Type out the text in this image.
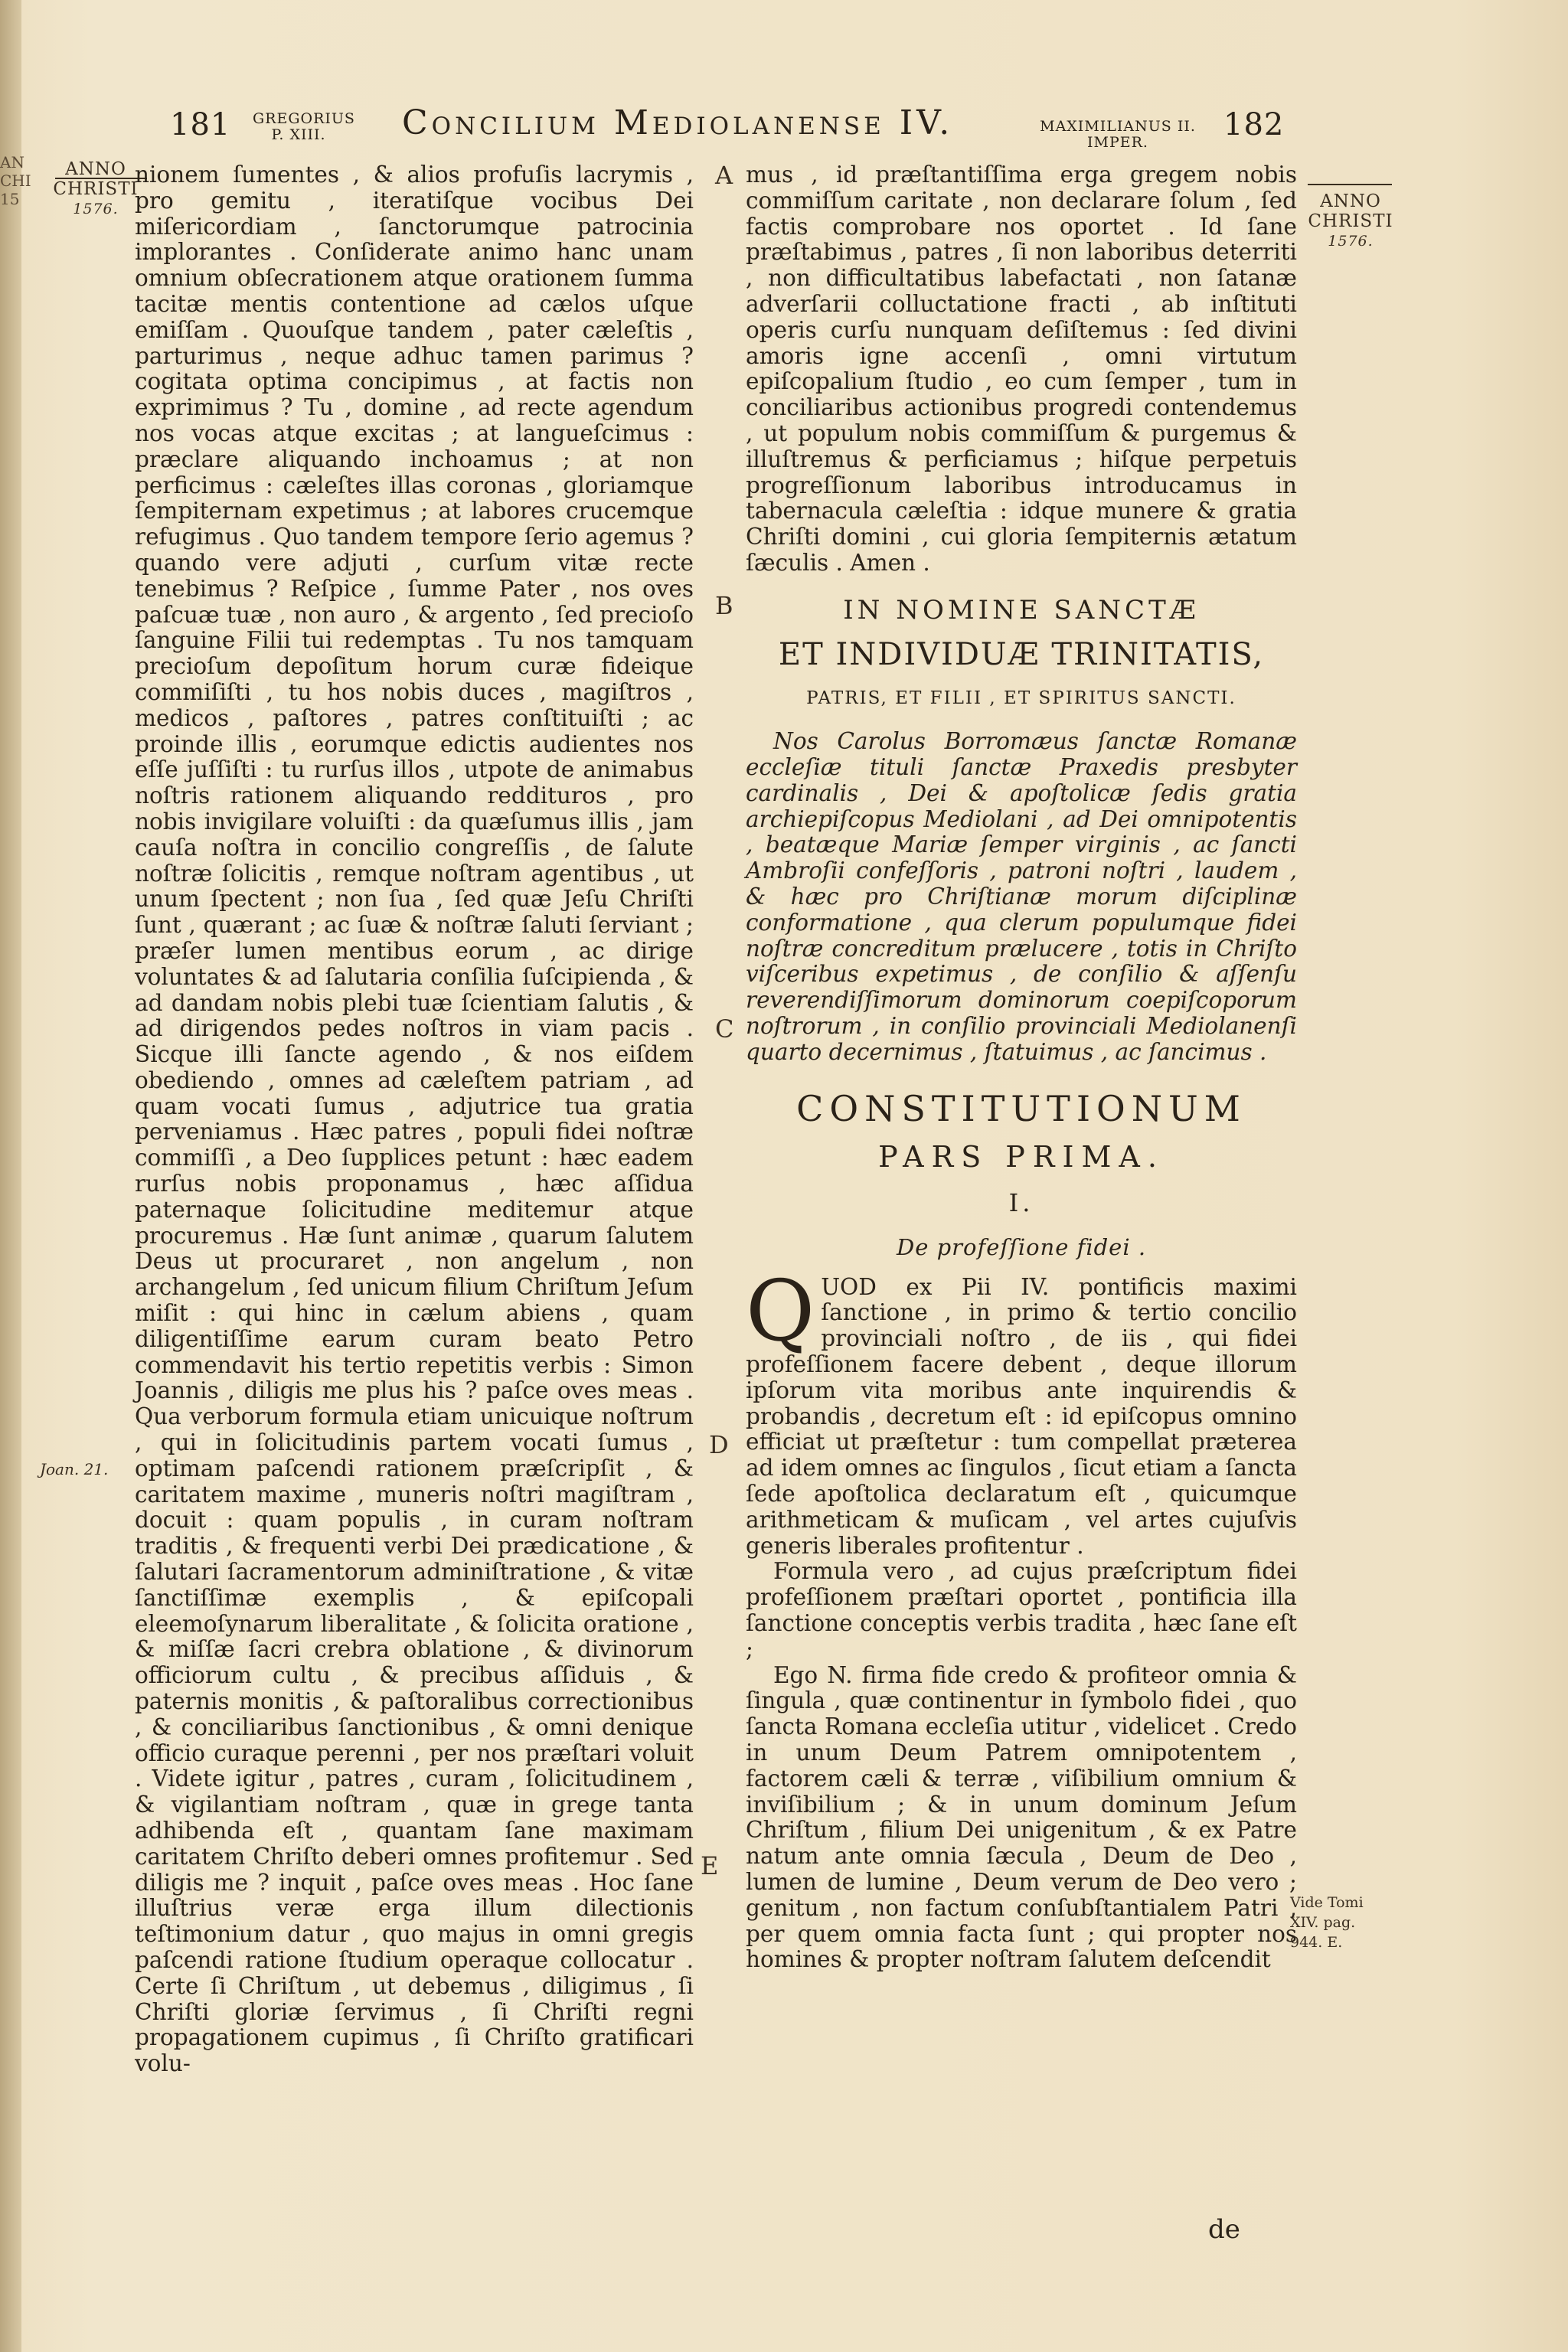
AN
CHI
15
181 GREGORIUS
P. XIII.	Concilium Mediolanense IV.	MAXIMILIANUS II.
IMPER.	182
ANNO
CHRISTI
1576.	ANNO
CHRISTI
1576.
A
B
C
D
E
Joan. 21.
Vide Tomi
XIV. pag.
944. E.

nionem ſumentes , & alios profuſis lacrymis , pro gemitu , iteratiſque vocibus Dei miſericordiam , ſanctorumque patrocinia implorantes . Conſiderate animo hanc unam omnium obſecrationem atque orationem ſumma tacitæ mentis contentione ad cælos uſque emiſſam . Quouſque tandem , pater cæleſtis , parturimus , neque adhuc tamen parimus ? cogitata optima concipimus , at factis non exprimimus ? Tu , domine , ad recte agendum nos vocas atque excitas ; at langueſcimus : præclare aliquando inchoamus ; at non perficimus : cæleſtes illas coronas , gloriamque ſempiternam expetimus ; at labores crucemque refugimus . Quo tandem tempore ſerio agemus ? quando vere adjuti , curſum vitæ recte tenebimus ? Reſpice , ſumme Pater , nos oves paſcuæ tuæ , non auro , & argento , ſed precioſo ſanguine Filii tui redemptas . Tu nos tamquam precioſum depoſitum horum curæ fideique commiſiſti , tu hos nobis duces , magiſtros , medicos , paſtores , patres conſtituiſti ; ac proinde illis , eorumque edictis audientes nos eſſe juſſiſti : tu rurſus illos , utpote de animabus noſtris rationem aliquando reddituros , pro nobis invigilare voluiſti : da quæſumus illis , jam cauſa noſtra in concilio congreſſis , de ſalute noſtræ ſolicitis , remque noſtram agentibus , ut unum ſpectent ; non ſua , ſed quæ Jeſu Chriſti ſunt , quærant ; ac ſuæ & noſtræ ſaluti ſerviant ; præſer lumen mentibus eorum , ac dirige voluntates & ad ſalutaria conſilia ſuſcipienda , & ad dandam nobis plebi tuæ ſcientiam ſalutis , & ad dirigendos pedes noſtros in viam pacis . Sicque illi ſancte agendo , & nos eiſdem obediendo , omnes ad cæleſtem patriam , ad quam vocati ſumus , adjutrice tua gratia perveniamus . Hæc patres , populi fidei noſtræ commiſſi , a Deo ſupplices petunt : hæc eadem rurſus nobis proponamus , hæc aſſidua paternaque ſolicitudine meditemur atque procuremus . Hæ ſunt animæ , quarum ſalutem Deus ut procuraret , non angelum , non archangelum , ſed unicum filium Chriſtum Jeſum miſit : qui hinc in cælum abiens , quam diligentiſſime earum curam beato Petro commendavit his tertio repetitis verbis : Simon Joannis , diligis me plus his ? paſce oves meas . Qua verborum formula etiam unicuique noſtrum , qui in ſolicitudinis partem vocati ſumus , optimam paſcendi rationem præſcripſit , & caritatem maxime , muneris noſtri magiſtram , docuit : quam populis , in curam noſtram traditis , & frequenti verbi Dei prædicatione , & ſalutari ſacramentorum adminiſtratione , & vitæ ſanctiſſimæ exemplis , & epiſcopali eleemoſynarum liberalitate , & ſolicita oratione , & miſſæ ſacri crebra oblatione , & divinorum officiorum cultu , & precibus aſſiduis , & paternis monitis , & paſtoralibus correctionibus , & conciliaribus ſanctionibus , & omni denique officio curaque perenni , per nos præſtari voluit . Videte igitur , patres , curam , ſolicitudinem , & vigilantiam noſtram , quæ in grege tanta adhibenda eſt , quantam ſane maximam caritatem Chriſto deberi omnes profitemur . Sed diligis me ? inquit , paſce oves meas . Hoc ſane illuſtrius veræ erga illum dilectionis teſtimonium datur , quo majus in omni gregis paſcendi ratione ſtudium operaque collocatur . Certe ſi Chriſtum , ut debemus , diligimus , ſi Chriſti gloriæ ſervimus , ſi Chriſti regni propagationem cupimus , ſi Chriſto gratificari volu-

mus , id præſtantiſſima erga gregem nobis commiſſum caritate , non declarare ſolum , ſed factis comprobare nos oportet . Id ſane præſtabimus , patres , ſi non laboribus deterriti , non difficultatibus labefactati , non ſatanæ adverſarii colluctatione fracti , ab inſtituti operis curſu nunquam deſiſtemus : ſed divini amoris igne accenſi , omni virtutum epiſcopalium ſtudio , eo cum ſemper , tum in conciliaribus actionibus progredi contendemus , ut populum nobis commiſſum & purgemus & illuſtremus & perficiamus ; hiſque perpetuis progreſſionum laboribus introducamus in tabernacula cæleſtia : idque munere & gratia Chriſti domini , cui gloria ſempiternis ætatum ſæculis . Amen .

IN NOMINE SANCTÆ
ET INDIVIDUÆ TRINITATIS,
PATRIS, ET FILII , ET SPIRITUS SANCTI.

Nos Carolus Borromæus ſanctæ Romanæ eccleſiæ tituli ſanctæ Praxedis presbyter cardinalis , Dei & apoſtolicæ ſedis gratia archiepiſcopus Mediolani , ad Dei omnipotentis , beatæque Mariæ ſemper virginis , ac ſancti Ambroſii confeſſoris , patroni noſtri , laudem , & hæc pro Chriſtianæ morum diſciplinæ conformatione , qua clerum populumque fidei noſtræ concreditum prælucere , totis in Chriſto viſceribus expetimus , de conſilio & aſſenſu reverendiſſimorum dominorum coepiſcoporum noſtrorum , in conſilio provinciali Mediolanenſi quarto decernimus , ſtatuimus , ac ſancimus .

CONSTITUTIONUM
PARS PRIMA.
I.
De profeſſione fidei .

Q UOD ex Pii IV. pontificis maximi ſanctione , in primo & tertio concilio provinciali noſtro , de iis , qui fidei profeſſionem facere debent , deque illorum ipſorum vita moribus ante inquirendis & probandis , decretum eſt : id epiſcopus omnino efficiat ut præſtetur : tum compellat præterea ad idem omnes ac ſingulos , ſicut etiam a ſancta ſede apoſtolica declaratum eſt , quicumque arithmeticam & muſicam , vel artes cujuſvis generis liberales profitentur .

Formula vero , ad cujus præſcriptum fidei profeſſionem præſtari oportet , pontificia illa ſanctione conceptis verbis tradita , hæc ſane eſt ;

Ego N. firma fide credo & profiteor omnia & ſingula , quæ continentur in ſymbolo fidei , quo ſancta Romana eccleſia utitur , videlicet . Credo in unum Deum Patrem omnipotentem , factorem cæli & terræ , viſibilium omnium & inviſibilium ; & in unum dominum Jeſum Chriſtum , filium Dei unigenitum , & ex Patre natum ante omnia ſæcula , Deum de Deo , lumen de lumine , Deum verum de Deo vero ; genitum , non factum conſubſtantialem Patri , per quem omnia facta ſunt ; qui propter nos homines & propter noſtram ſalutem deſcendit

de
